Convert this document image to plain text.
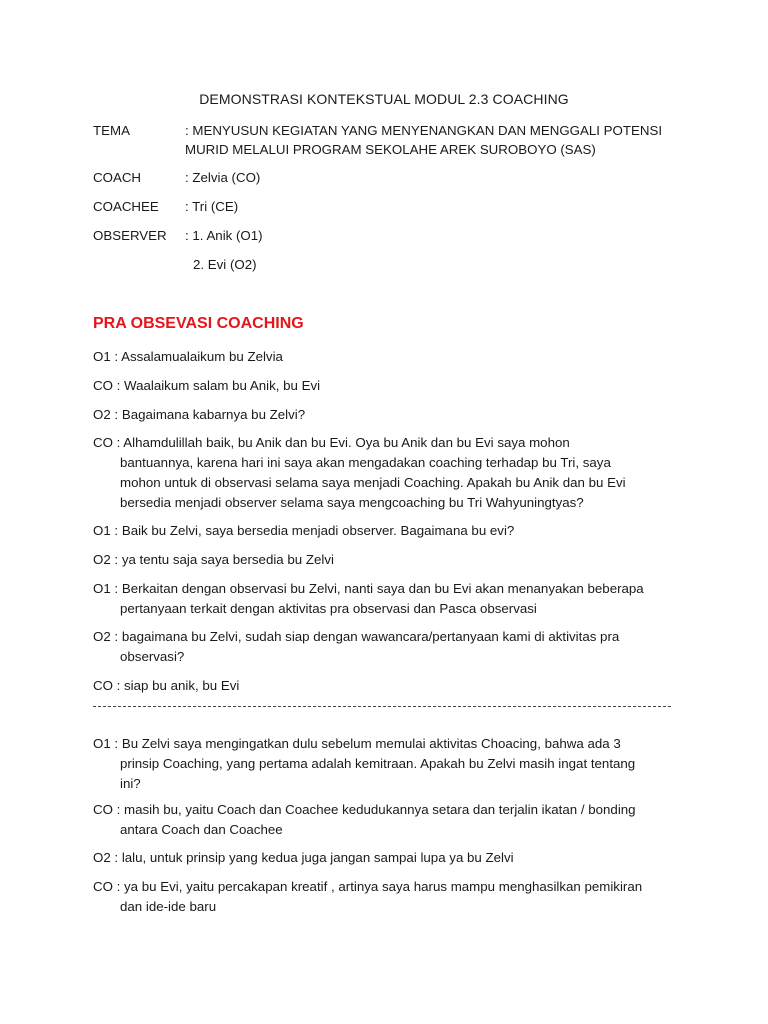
DEMONSTRASI KONTEKSTUAL MODUL 2.3 COACHING
TEMA	: MENYUSUN KEGIATAN YANG MENYENANGKAN DAN MENGGALI POTENSI
MURID MELALUI PROGRAM SEKOLAHE AREK SUROBOYO (SAS)
COACH	: Zelvia (CO)
COACHEE : Tri (CE)
OBSERVER : 1. Anik (O1)
2. Evi (O2)
PRA OBSEVASI COACHING
O1 : Assalamualaikum bu Zelvia
CO : Waalaikum salam bu Anik, bu Evi
O2 : Bagaimana kabarnya bu Zelvi?
CO : Alhamdulillah baik, bu Anik dan bu Evi. Oya bu Anik dan bu Evi saya mohon
bantuannya, karena hari ini saya akan mengadakan coaching terhadap bu Tri, saya
mohon untuk di observasi selama saya menjadi Coaching. Apakah bu Anik dan bu Evi
bersedia menjadi observer selama saya mengcoaching bu Tri Wahyuningtyas?
O1 : Baik bu Zelvi, saya bersedia menjadi observer. Bagaimana bu evi?
O2 : ya tentu saja saya bersedia bu Zelvi
O1 : Berkaitan dengan observasi bu Zelvi, nanti saya dan bu Evi akan menanyakan beberapa
pertanyaan terkait dengan aktivitas pra observasi dan Pasca observasi
O2 : bagaimana bu Zelvi, sudah siap dengan wawancara/pertanyaan kami di aktivitas pra
observasi?
CO : siap bu anik, bu Evi
O1 : Bu Zelvi saya mengingatkan dulu sebelum memulai aktivitas Choacing, bahwa ada 3
prinsip Coaching, yang pertama adalah kemitraan. Apakah bu Zelvi masih ingat tentang
ini?
CO : masih bu, yaitu Coach dan Coachee kedudukannya setara dan terjalin ikatan / bonding
antara Coach dan Coachee
O2 : lalu, untuk prinsip yang kedua juga jangan sampai lupa ya bu Zelvi
CO : ya bu Evi, yaitu percakapan kreatif , artinya saya harus mampu menghasilkan pemikiran
dan ide-ide baru
